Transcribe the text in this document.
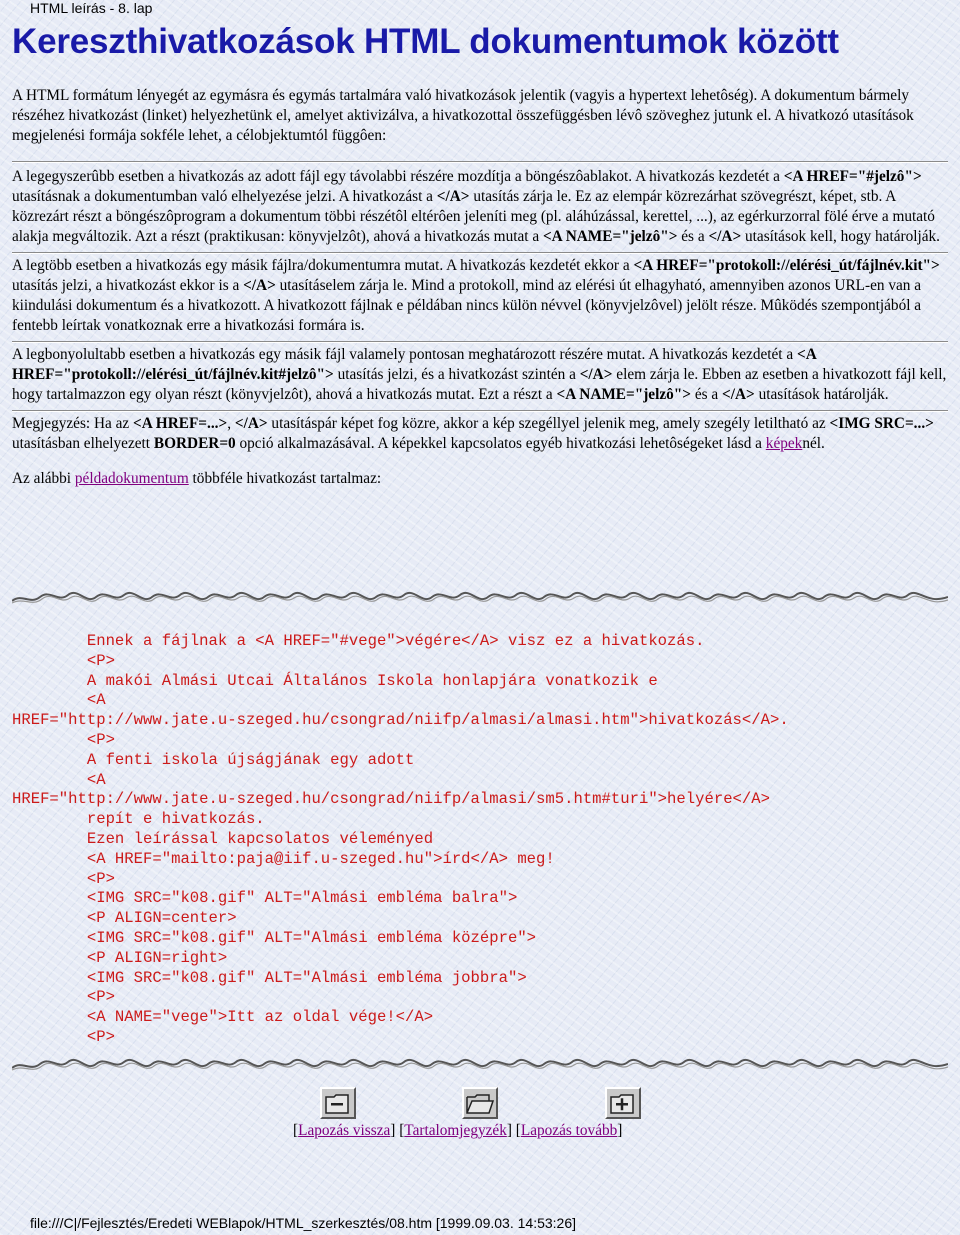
HTML leírás - 8. lap
Kereszthivatkozások HTML dokumentumok között

A HTML formátum lényegét az egymásra és egymás tartalmára való hivatkozások jelentik (vagyis a hypertext lehetôség). A dokumentum bármely részéhez hivatkozást (linket) helyezhetünk el, amelyet aktivizálva, a hivatkozottal összefüggésben lévô szöveghez jutunk el. A hivatkozó utasítások megjelenési formája sokféle lehet, a célobjektumtól függôen:

A legegyszerûbb esetben a hivatkozás az adott fájl egy távolabbi részére mozdítja a böngészôablakot. A hivatkozás kezdetét a <A HREF="#jelzô"> utasításnak a dokumentumban való elhelyezése jelzi. A hivatkozást a </A> utasítás zárja le. Ez az elempár közrezárhat szövegrészt, képet, stb. A közrezárt részt a böngészôprogram a dokumentum többi részétôl eltérôen jeleníti meg (pl. aláhúzással, kerettel, ...), az egérkurzorral fölé érve a mutató alakja megváltozik. Azt a részt (praktikusan: könyvjelzôt), ahová a hivatkozás mutat a <A NAME="jelzô"> és a </A> utasítások kell, hogy határolják.

A legtöbb esetben a hivatkozás egy másik fájlra/dokumentumra mutat. A hivatkozás kezdetét ekkor a <A HREF="protokoll://elérési_út/fájlnév.kit"> utasítás jelzi, a hivatkozást ekkor is a </A> utasításelem zárja le. Mind a protokoll, mind az elérési út elhagyható, amennyiben azonos URL-en van a kiindulási dokumentum és a hivatkozott. A hivatkozott fájlnak e példában nincs külön névvel (könyvjelzôvel) jelölt része. Mûködés szempontjából a fentebb leírtak vonatkoznak erre a hivatkozási formára is.

A legbonyolultabb esetben a hivatkozás egy másik fájl valamely pontosan meghatározott részére mutat. A hivatkozás kezdetét a <A HREF="protokoll://elérési_út/fájlnév.kit#jelzô"> utasítás jelzi, és a hivatkozást szintén a </A> elem zárja le. Ebben az esetben a hivatkozott fájl kell, hogy tartalmazzon egy olyan részt (könyvjelzôt), ahová a hivatkozás mutat. Ezt a részt a <A NAME="jelzô"> és a </A> utasítások határolják.

Megjegyzés: Ha az <A HREF=...>, </A> utasításpár képet fog közre, akkor a kép szegéllyel jelenik meg, amely szegély letiltható az <IMG SRC=...> utasításban elhelyezett BORDER=0 opció alkalmazásával. A képekkel kapcsolatos egyéb hivatkozási lehetôségeket lásd a képeknél.

Az alábbi példadokumentum többféle hivatkozást tartalmaz:

Ennek a fájlnak a <A HREF="#vege">végére</A> visz ez a hivatkozás.
<P>
A makói Almási Utcai Általános Iskola honlapjára vonatkozik e
<A
HREF="http://www.jate.u-szeged.hu/csongrad/niifp/almasi/almasi.htm">hivatkozás</A>.
<P>
A fenti iskola újságjának egy adott
<A
HREF="http://www.jate.u-szeged.hu/csongrad/niifp/almasi/sm5.htm#turi">helyére</A>
repít e hivatkozás.
Ezen leírással kapcsolatos véleményed
<A HREF="mailto:paja@iif.u-szeged.hu">írd</A> meg!
<P>
<IMG SRC="k08.gif" ALT="Almási embléma balra">
<P ALIGN=center>
<IMG SRC="k08.gif" ALT="Almási embléma középre">
<P ALIGN=right>
<IMG SRC="k08.gif" ALT="Almási embléma jobbra">
<P>
<A NAME="vege">Itt az oldal vége!</A>
<P>
[Lapozás vissza] [Tartalomjegyzék] [Lapozás tovább]
file:///C|/Fejlesztés/Eredeti WEBlapok/HTML_szerkesztés/08.htm [1999.09.03. 14:53:26]
